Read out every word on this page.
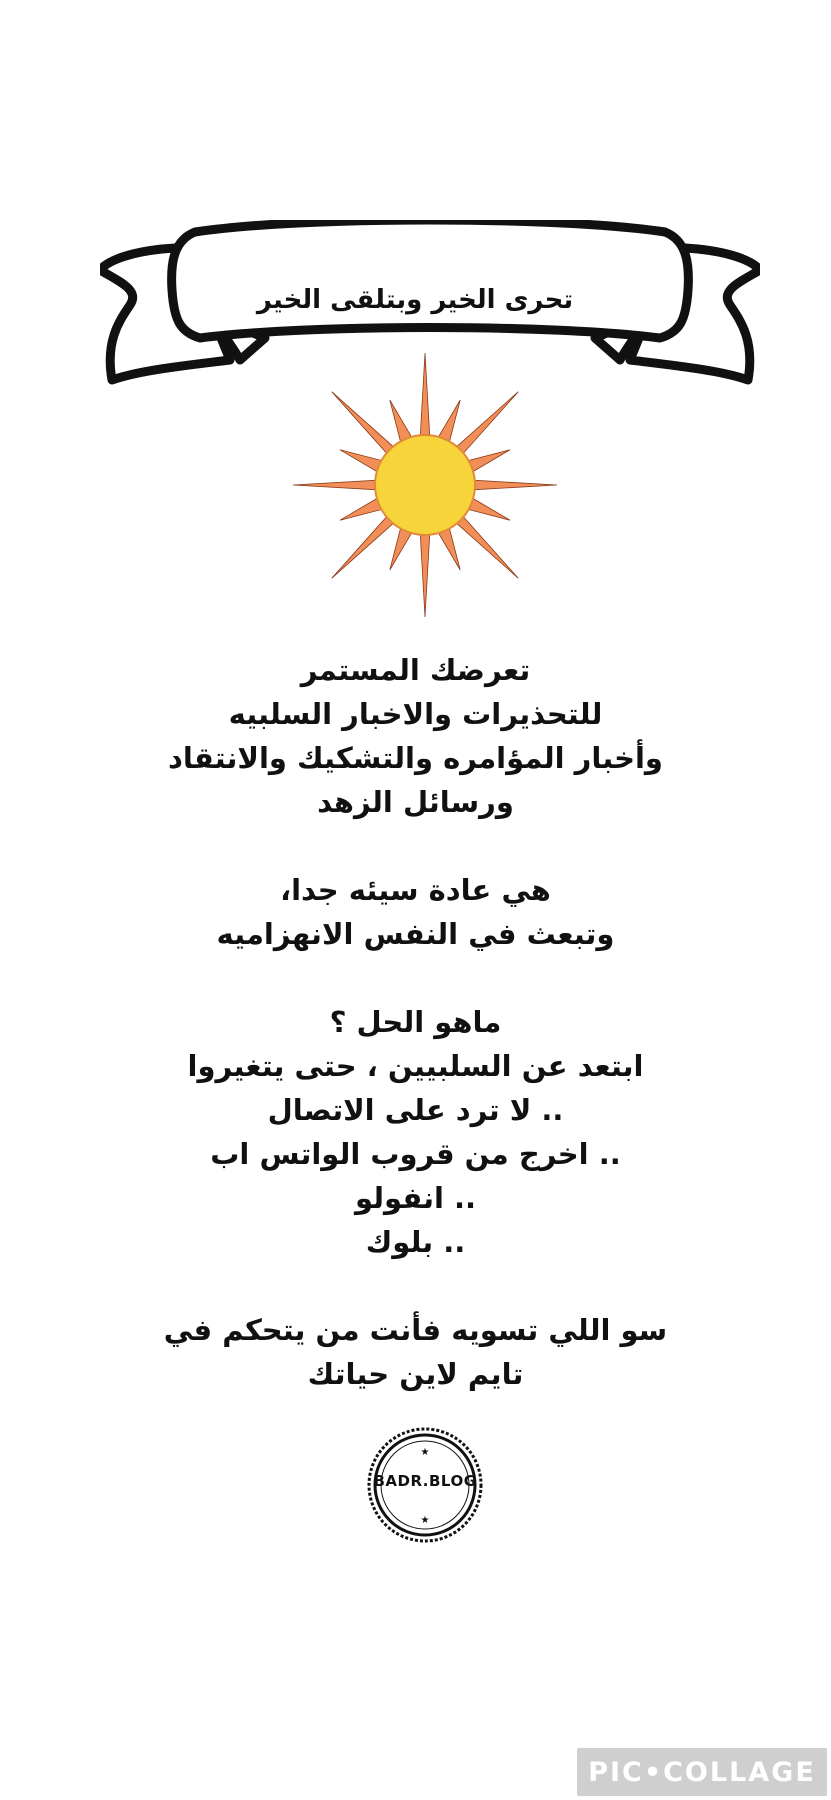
تحرى الخير وبتلقى الخير
تعرضك المستمر
للتحذيرات والاخبار السلبيه
وأخبار المؤامره والتشكيك والانتقاد
ورسائل الزهد
هي عادة سيئه جدا،
وتبعث في النفس الانهزاميه
ماهو الحل ؟
ابتعد عن السلبيين ، حتى يتغيروا
.. لا ترد على الاتصال
.. اخرج من قروب الواتس اب
.. انفولو
.. بلوك
سو اللي تسويه فأنت من يتحكم في
تايم لاين حياتك
★
★
BADR.BLOG
PIC•COLLAGE
